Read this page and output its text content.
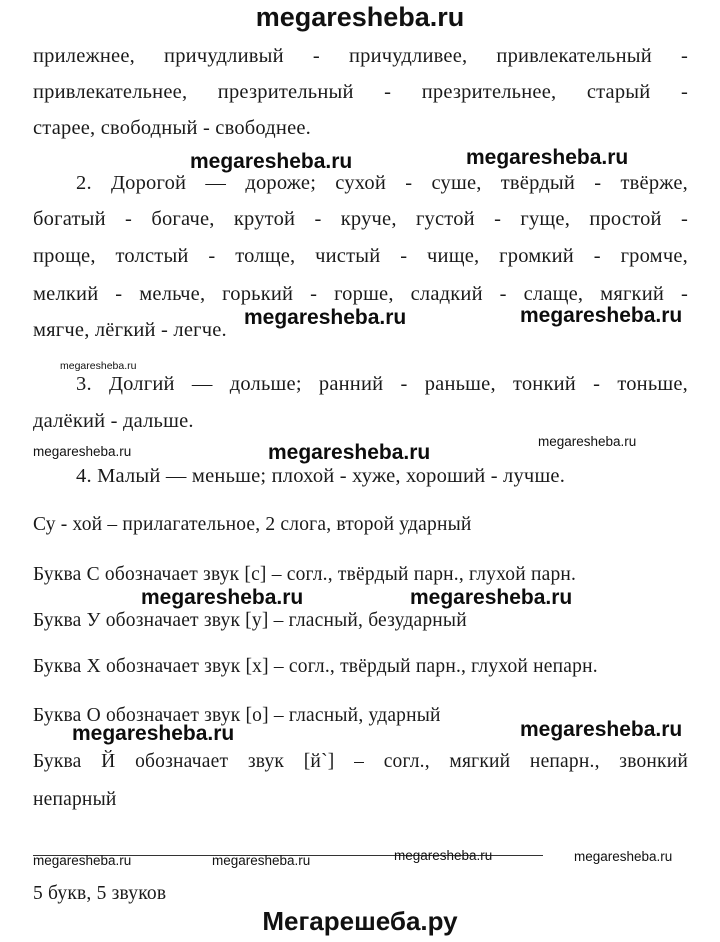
megaresheba.ru
прилежнее, причудливый - причудливее, привлекательный -
привлекательнее, презрительный - презрительнее, старый -
старее, свободный - свободнее.
megaresheba.ru	megaresheba.ru
2. Дорогой — дороже; сухой - суше, твёрдый - твёрже,
богатый - богаче, крутой - круче, густой - гуще, простой -
проще, толстый - толще, чистый - чище, громкий - громче,
мелкий - мельче, горький - горше, сладкий - слаще, мягкий -
мягче, лёгкий - легче.
megaresheba.ru	megaresheba.ru
megaresheba.ru
3. Долгий — дольше; ранний - раньше, тонкий - тоньше,
далёкий - дальше.
megaresheba.ru	megaresheba.ru	megaresheba.ru
4. Малый — меньше; плохой - хуже, хороший - лучше.
Су - хой – прилагательное, 2 слога, второй ударный
Буква С обозначает звук [с] – согл., твёрдый парн., глухой парн.
megaresheba.ru	megaresheba.ru
Буква У обозначает звук [у] – гласный, безударный
Буква Х обозначает звук [х] – согл., твёрдый парн., глухой непарн.
Буква О обозначает звук [о] – гласный, ударный
megaresheba.ru	megaresheba.ru
Буква Й обозначает звук [й`] – согл., мягкий непарн., звонкий
непарный
megaresheba.ru	megaresheba.ru	megaresheba.ru	megaresheba.ru
5 букв, 5 звуков
Мегарешеба.ру
